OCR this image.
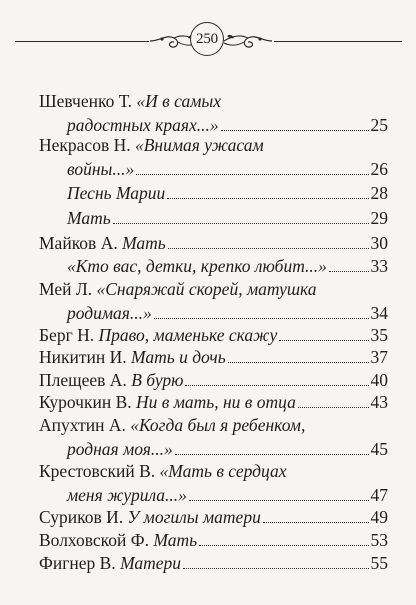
250
Шевченко Т. «И в самых
радостных краях...»	25
Некрасов Н. «Внимая ужасам
войны...»	26
Песнь Марии	28
Мать	29
Майков А. Мать	30
«Кто вас, детки, крепко любит...» 33
Мей Л. «Снаряжай скорей, матушка
родимая...»	34
Берг Н. Право, маменьке скажу	35
Никитин И. Мать и дочь	37
Плещеев А. В бурю	40
Курочкин В. Ни в мать, ни в отца	43
Апухтин А. «Когда был я ребенком,
родная моя...»	45
Крестовский В. «Мать в сердцах
меня журила...»	47
Суриков И. У могилы матери	49
Волховской Ф. Мать	53
Фигнер В. Матери	55
